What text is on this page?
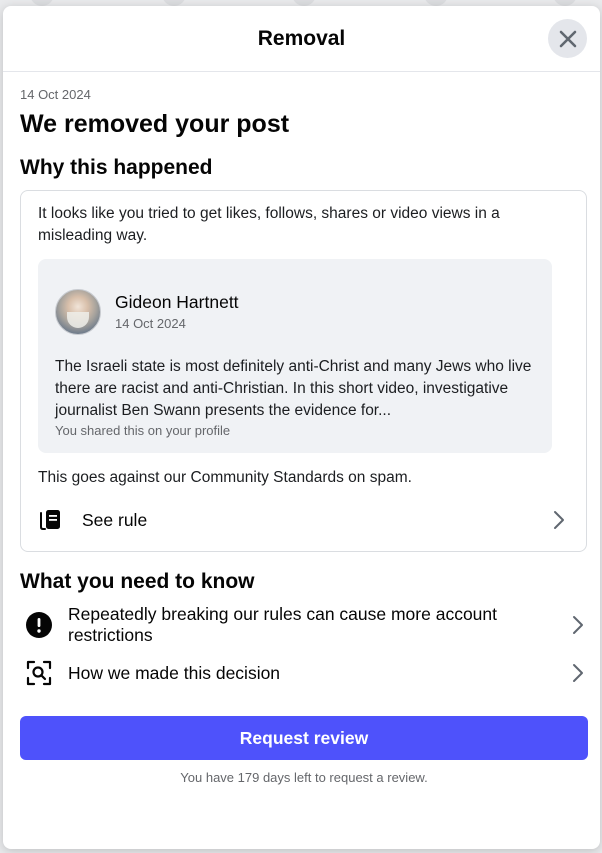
Removal
14 Oct 2024
We removed your post
Why this happened
It looks like you tried to get likes, follows, shares or video views in a misleading way.
Gideon Hartnett
14 Oct 2024
The Israeli state is most definitely anti-Christ and many Jews who live there are racist and anti-Christian. In this short video, investigative journalist Ben Swann presents the evidence for...
You shared this on your profile
This goes against our Community Standards on spam.
See rule
What you need to know
Repeatedly breaking our rules can cause more account restrictions
How we made this decision
Request review
You have 179 days left to request a review.
